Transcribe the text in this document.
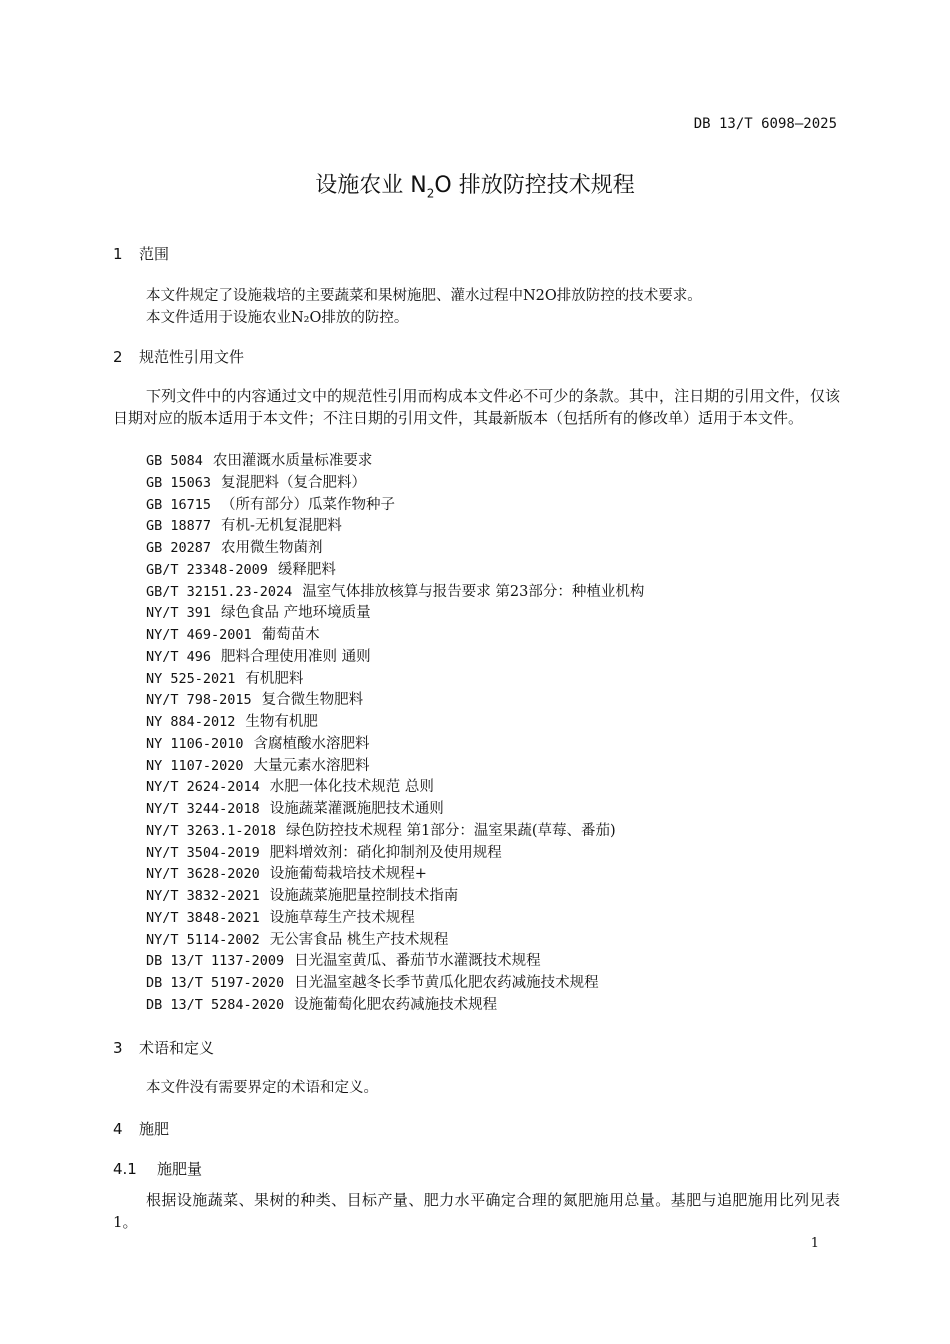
DB 13/T 6098—2025
设施农业 $N_2O$ 排放防控技术规程
1 范围
本文件规定了设施栽培的主要蔬菜和果树施肥、灌水过程中N2O排放防控的技术要求。
本文件适用于设施农业N₂O排放的防控。
2 规范性引用文件
下列文件中的内容通过文中的规范性引用而构成本文件必不可少的条款。其中，注日期的引用文件，仅该日期对应的版本适用于本文件；不注日期的引用文件，其最新版本（包括所有的修改单）适用于本文件。
GB 5084 农田灌溉水质量标准要求
GB 15063 复混肥料（复合肥料）
GB 16715 （所有部分）瓜菜作物种子
GB 18877 有机-无机复混肥料
GB 20287 农用微生物菌剂
GB/T 23348-2009 缓释肥料
GB/T 32151.23-2024 温室气体排放核算与报告要求 第23部分：种植业机构
NY/T 391 绿色食品 产地环境质量
NY/T 469-2001 葡萄苗木
NY/T 496 肥料合理使用准则 通则
NY 525-2021 有机肥料
NY/T 798-2015 复合微生物肥料
NY 884-2012 生物有机肥
NY 1106-2010 含腐植酸水溶肥料
NY 1107-2020 大量元素水溶肥料
NY/T 2624-2014 水肥一体化技术规范 总则
NY/T 3244-2018 设施蔬菜灌溉施肥技术通则
NY/T 3263.1-2018 绿色防控技术规程 第1部分：温室果蔬(草莓、番茄)
NY/T 3504-2019 肥料增效剂：硝化抑制剂及使用规程
NY/T 3628-2020 设施葡萄栽培技术规程+
NY/T 3832-2021 设施蔬菜施肥量控制技术指南
NY/T 3848-2021 设施草莓生产技术规程
NY/T 5114-2002 无公害食品 桃生产技术规程
DB 13/T 1137-2009 日光温室黄瓜、番茄节水灌溉技术规程
DB 13/T 5197-2020 日光温室越冬长季节黄瓜化肥农药减施技术规程
DB 13/T 5284-2020 设施葡萄化肥农药减施技术规程
3 术语和定义
本文件没有需要界定的术语和定义。
4 施肥
4.1 施肥量
根据设施蔬菜、果树的种类、目标产量、肥力水平确定合理的氮肥施用总量。基肥与追肥施用比列见表1。
1
